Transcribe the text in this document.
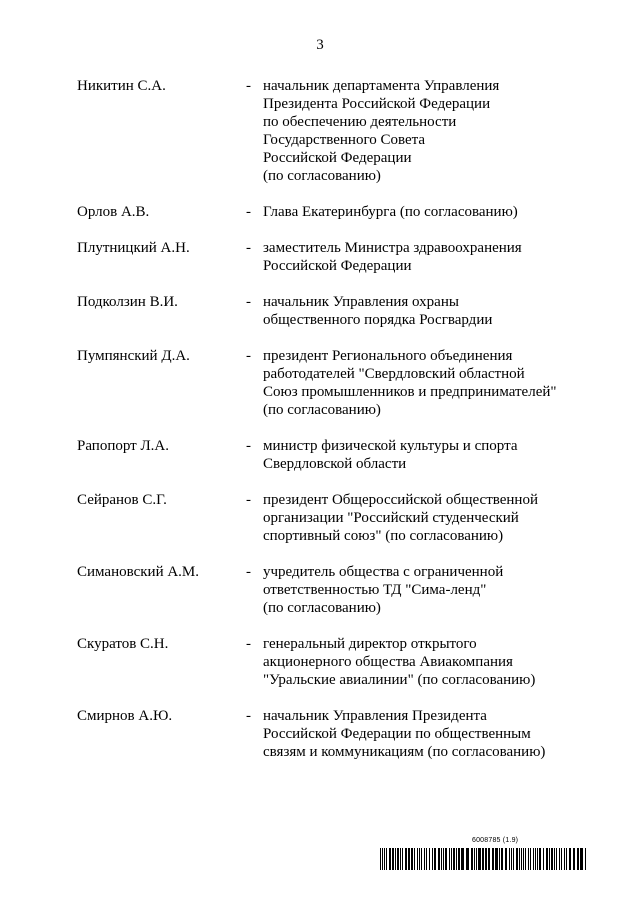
3
Никитин С.А.	- начальник департамента Управления
Президента Российской Федерации
по обеспечению деятельности
Государственного Совета
Российской Федерации
(по согласованию)
Орлов А.В.	- Глава Екатеринбурга (по согласованию)
Плутницкий А.Н.	- заместитель Министра здравоохранения
Российской Федерации
Подколзин В.И.	- начальник Управления охраны
общественного порядка Росгвардии
Пумпянский Д.А.	- президент Регионального объединения
работодателей "Свердловский областной
Союз промышленников и предпринимателей"
(по согласованию)
Рапопорт Л.А.	- министр физической культуры и спорта
Свердловской области
Сейранов С.Г.	- президент Общероссийской общественной
организации "Российский студенческий
спортивный союз" (по согласованию)
Симановский А.М.	- учредитель общества с ограниченной
ответственностью ТД "Сима-ленд"
(по согласованию)
Скуратов С.Н.	- генеральный директор открытого
акционерного общества Авиакомпания
"Уральские авиалинии" (по согласованию)
Смирнов А.Ю.	- начальник Управления Президента
Российской Федерации по общественным
связям и коммуникациям (по согласованию)
6008785 (1.9)
